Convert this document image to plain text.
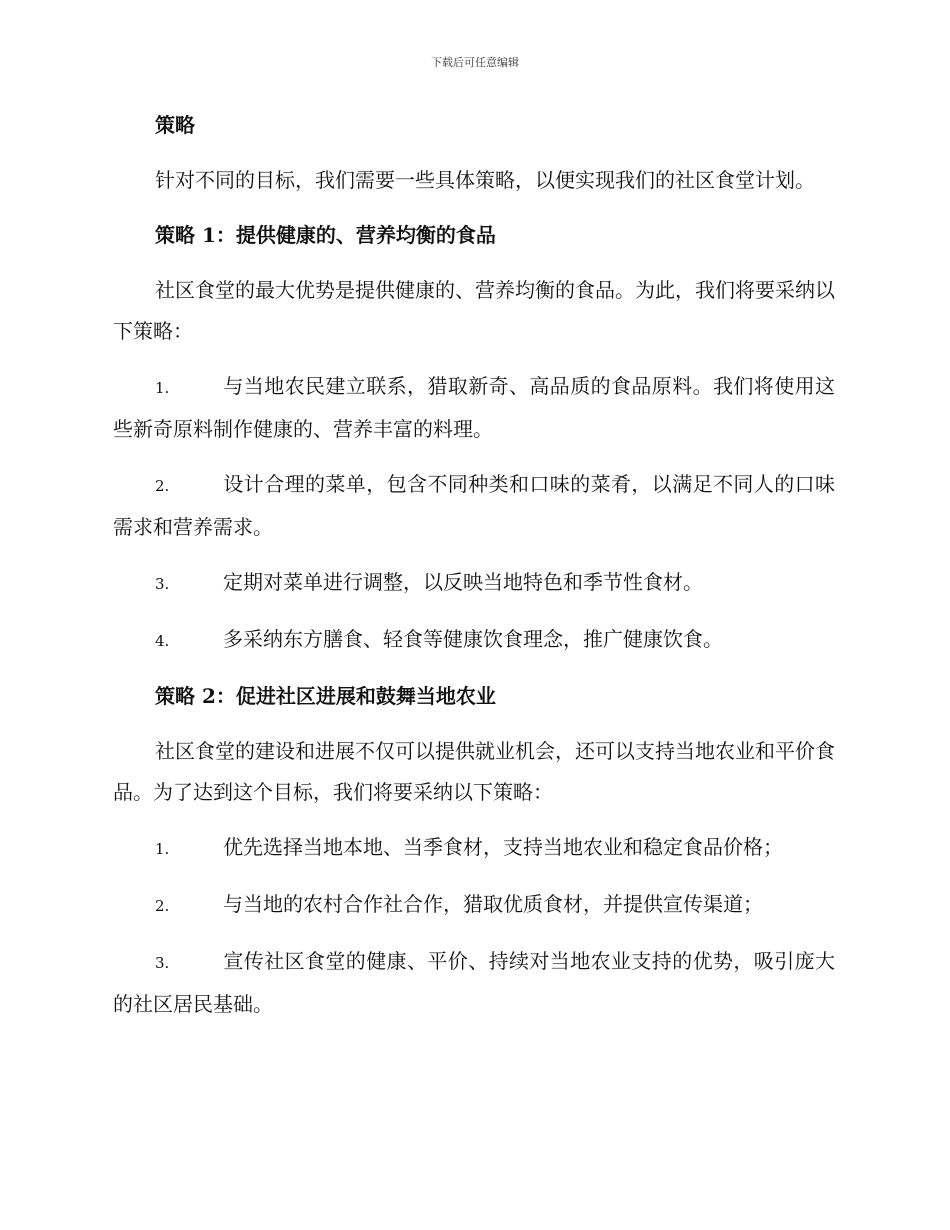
下载后可任意编辑

策略

针对不同的目标，我们需要一些具体策略，以便实现我们的社区食堂计划。

策略 1：提供健康的、营养均衡的食品

社区食堂的最大优势是提供健康的、营养均衡的食品。为此，我们将要采纳以下策略：

1.	与当地农民建立联系，猎取新奇、高品质的食品原料。我们将使用这些新奇原料制作健康的、营养丰富的料理。

2.	设计合理的菜单，包含不同种类和口味的菜肴，以满足不同人的口味需求和营养需求。

3.	定期对菜单进行调整，以反映当地特色和季节性食材。

4.	多采纳东方膳食、轻食等健康饮食理念，推广健康饮食。

策略 2：促进社区进展和鼓舞当地农业

社区食堂的建设和进展不仅可以提供就业机会，还可以支持当地农业和平价食品。为了达到这个目标，我们将要采纳以下策略：

1.	优先选择当地本地、当季食材，支持当地农业和稳定食品价格；

2.	与当地的农村合作社合作，猎取优质食材，并提供宣传渠道；

3.	宣传社区食堂的健康、平价、持续对当地农业支持的优势，吸引庞大的社区居民基础。
